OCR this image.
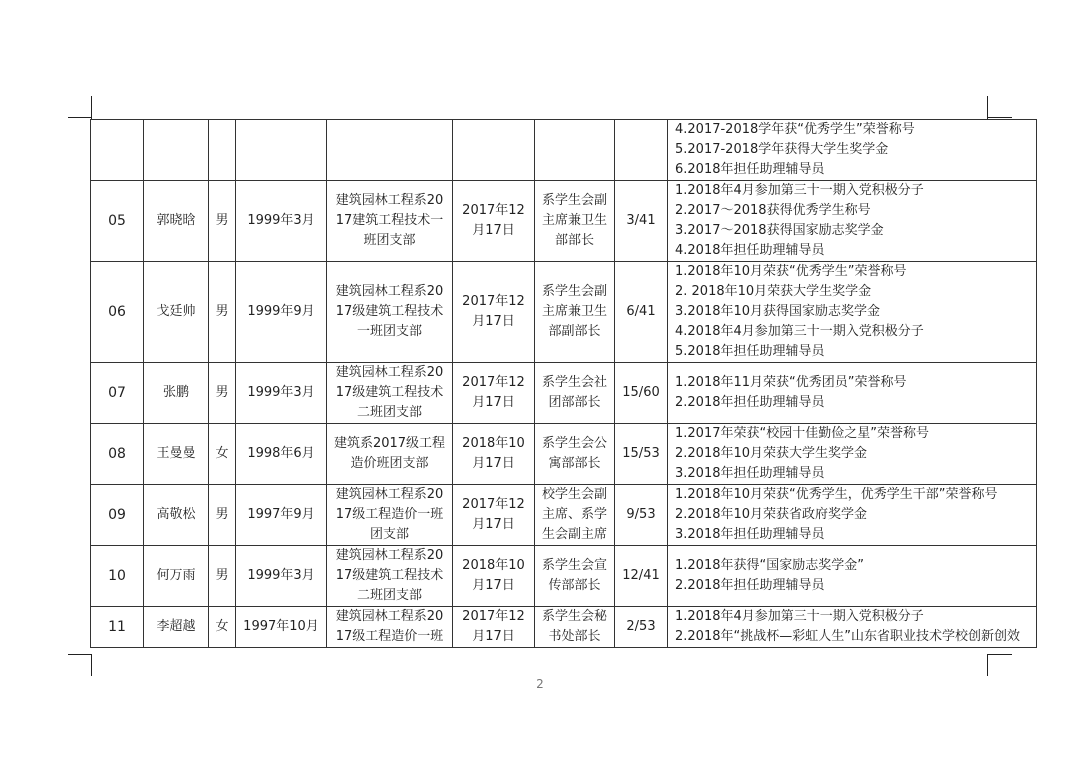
								4.2017-2018学年获“优秀学生”荣誉称号
5.2017-2018学年获得大学生奖学金
6.2018年担任助理辅导员

05	郭晓晗	男	1999年3月	建筑园林工程系20
17建筑工程技术一
班团支部	2017年12
月17日	系学生会副
主席兼卫生
部部长	3/41	1.2018年4月参加第三十一期入党积极分子
2.2017～2018获得优秀学生称号
3.2017～2018获得国家励志奖学金
4.2018年担任助理辅导员

06	戈廷帅	男	1999年9月	建筑园林工程系20
17级建筑工程技术
一班团支部	2017年12
月17日	系学生会副
主席兼卫生
部副部长	6/41	1.2018年10月荣获“优秀学生”荣誉称号
2. 2018年10月荣获大学生奖学金
3.2018年10月获得国家励志奖学金
4.2018年4月参加第三十一期入党积极分子
5.2018年担任助理辅导员

07	张鹏	男	1999年3月	建筑园林工程系20
17级建筑工程技术
二班团支部	2017年12
月17日	系学生会社
团部部长	15/60	1.2018年11月荣获“优秀团员”荣誉称号
2.2018年担任助理辅导员

08	王曼曼	女	1998年6月	建筑系2017级工程
造价班团支部	2018年10
月17日	系学生会公
寓部部长	15/53	1.2017年荣获“校园十佳勤俭之星”荣誉称号
2.2018年10月荣获大学生奖学金
3.2018年担任助理辅导员

09	高敬松	男	1997年9月	建筑园林工程系20
17级工程造价一班
团支部	2017年12
月17日	校学生会副
主席、系学
生会副主席	9/53	1.2018年10月荣获“优秀学生，优秀学生干部”荣誉称号
2.2018年10月荣获省政府奖学金
3.2018年担任助理辅导员

10	何万雨	男	1999年3月	建筑园林工程系20
17级建筑工程技术
二班团支部	2018年10
月17日	系学生会宣
传部部长	12/41	1.2018年获得“国家励志奖学金”
2.2018年担任助理辅导员

11	李超越	女	1997年10月	建筑园林工程系20
17级工程造价一班	2017年12
月17日	系学生会秘
书处部长	2/53	1.2018年4月参加第三十一期入党积极分子
2.2018年“挑战杯—彩虹人生”山东省职业技术学校创新创效
2
